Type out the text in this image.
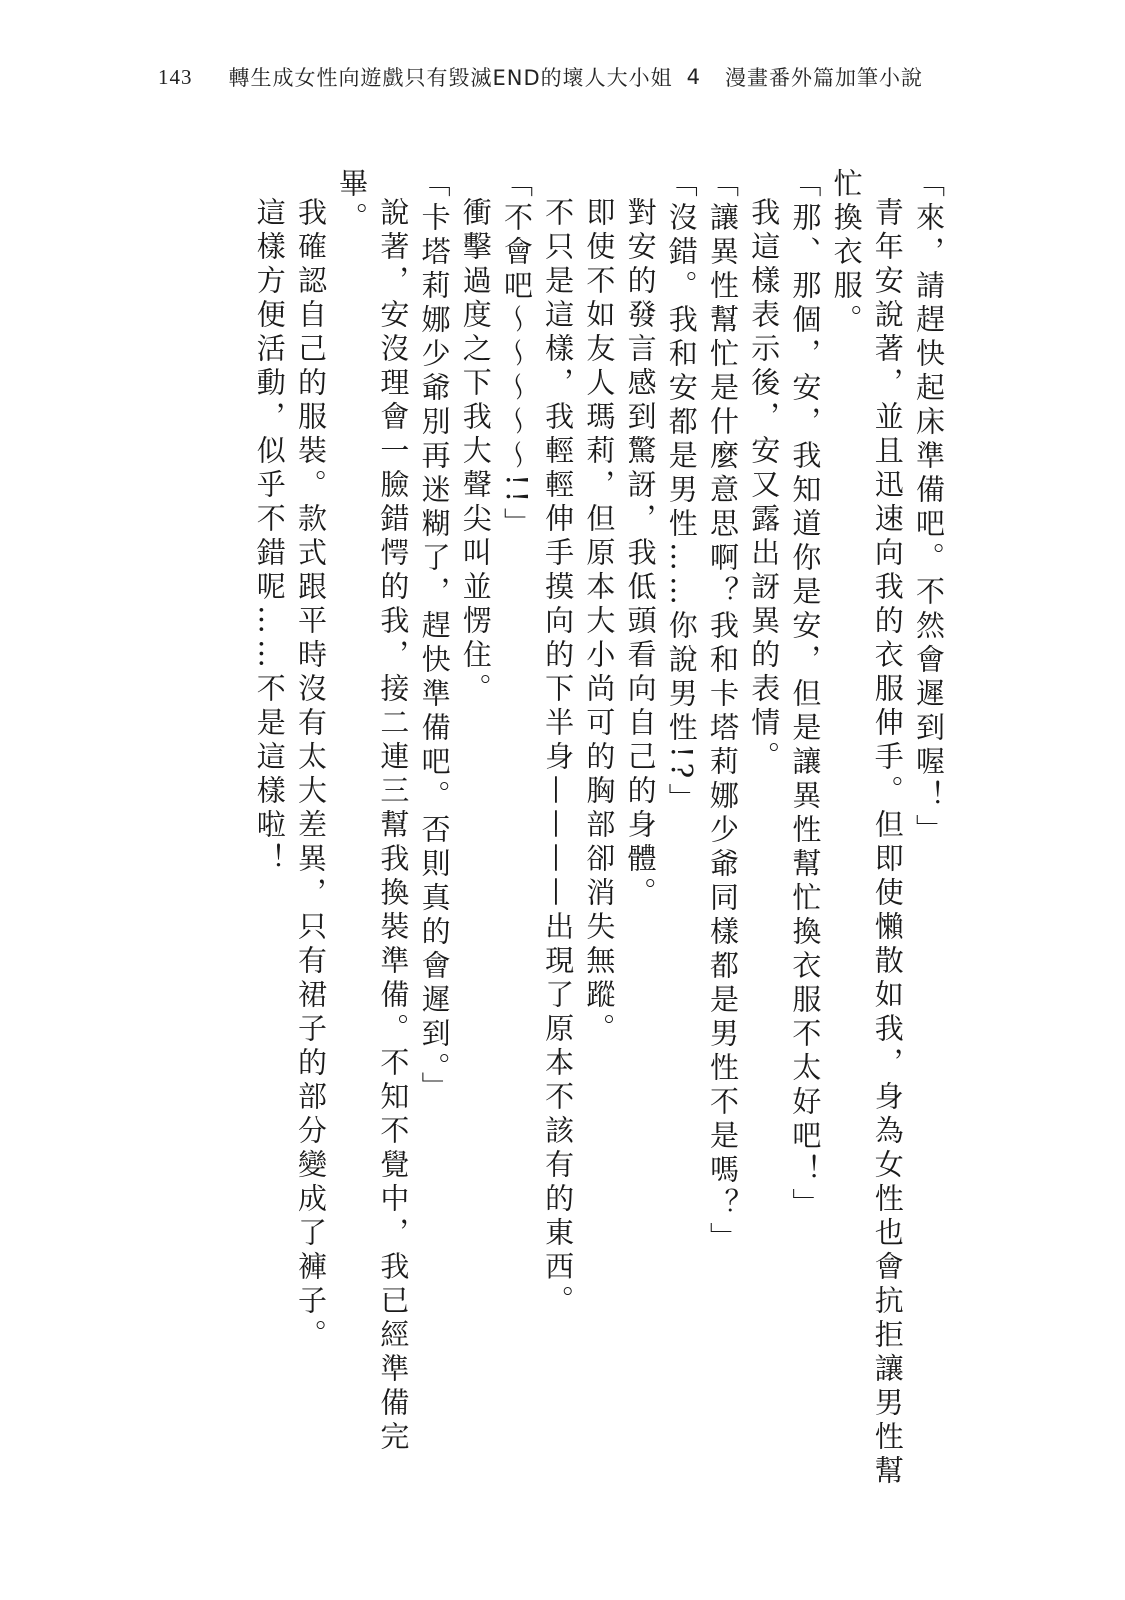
143 轉生成女性向遊戲只有毀滅END的壞人大小姐 4 漫畫番外篇加筆小說

「來，請趕快起床準備吧。不然會遲到喔！」

青年安說著，並且迅速向我的衣服伸手。但即使懶散如我，身為女性也會抗拒讓男性幫忙換衣服。

「那、那個，安，我知道你是安，但是讓異性幫忙換衣服不太好吧！」

我這樣表示後，安又露出訝異的表情。

「讓異性幫忙是什麼意思啊？我和卡塔莉娜少爺同樣都是男性不是嗎？」

「沒錯。我和安都是男性……你說男性!?」

對安的發言感到驚訝，我低頭看向自己的身體。

即使不如友人瑪莉，但原本大小尚可的胸部卻消失無蹤。

不只是這樣，我輕輕伸手摸向的下半身————出現了原本不該有的東西。

「不會吧～～～～～!!」

衝擊過度之下我大聲尖叫並愣住。

「卡塔莉娜少爺別再迷糊了，趕快準備吧。否則真的會遲到。」

說著，安沒理會一臉錯愕的我，接二連三幫我換裝準備。不知不覺中，我已經準備完畢。

我確認自己的服裝。款式跟平時沒有太大差異，只有裙子的部分變成了褲子。

這樣方便活動，似乎不錯呢……不是這樣啦！
